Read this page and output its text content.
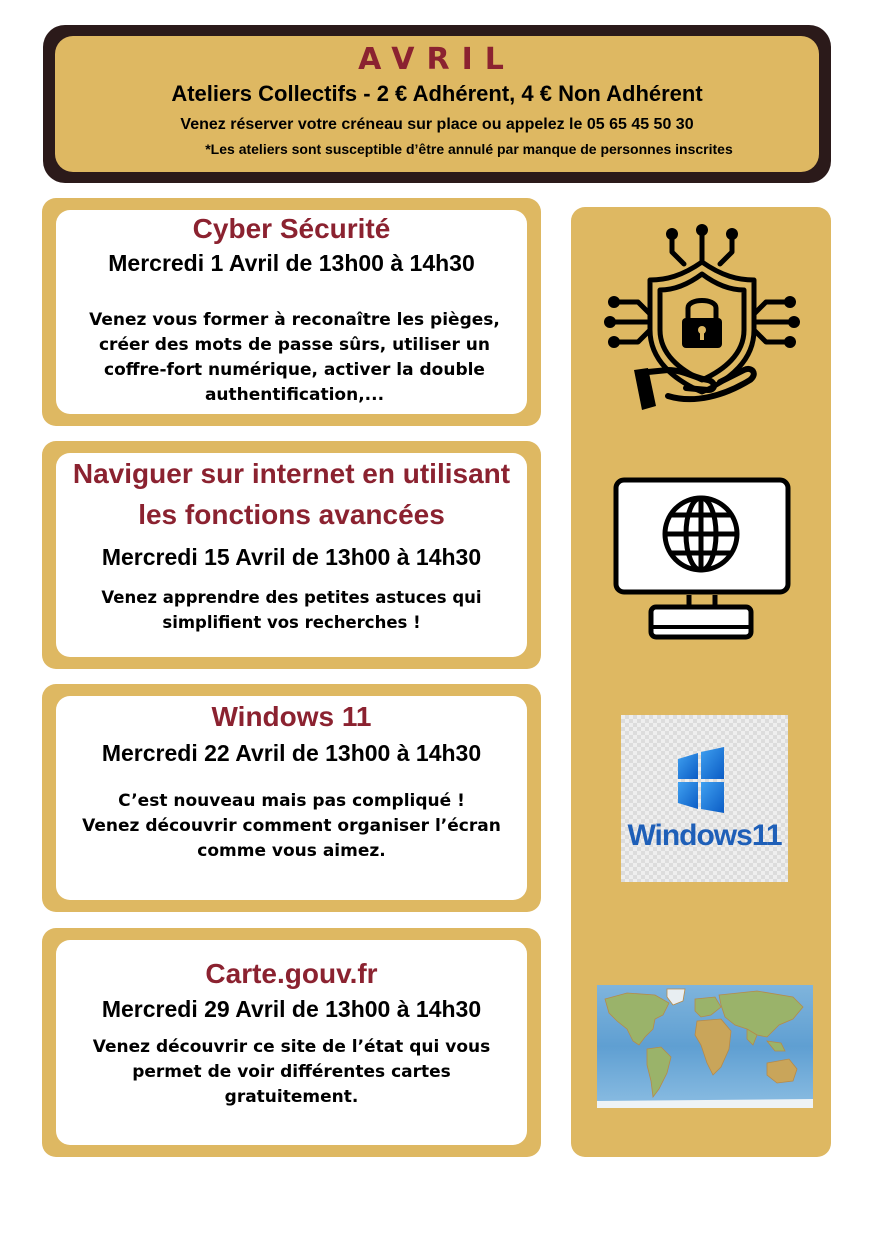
AVRIL
Ateliers Collectifs - 2 € Adhérent, 4 € Non Adhérent
Venez réserver votre créneau sur place ou appelez le 05 65 45 50 30
*Les ateliers sont susceptible d’être annulé par manque de personnes inscrites

Cyber Sécurité

Mercredi 1 Avril de 13h00 à 14h30

Venez vous former à reconaître les pièges, créer des mots de passe sûrs, utiliser un coffre-fort numérique, activer la double authentification,...

Naviguer sur internet en utilisant les fonctions avancées

Mercredi 15 Avril de 13h00 à 14h30

Venez apprendre des petites astuces qui simplifient vos recherches !

Windows 11

Mercredi 22 Avril de 13h00 à 14h30

C’est nouveau mais pas compliqué !

Venez découvrir comment organiser l’écran comme vous aimez.

Carte.gouv.fr

Mercredi 29 Avril de 13h00 à 14h30

Venez découvrir ce site de l’état qui vous permet de voir différentes cartes gratuitement.

Windows11
